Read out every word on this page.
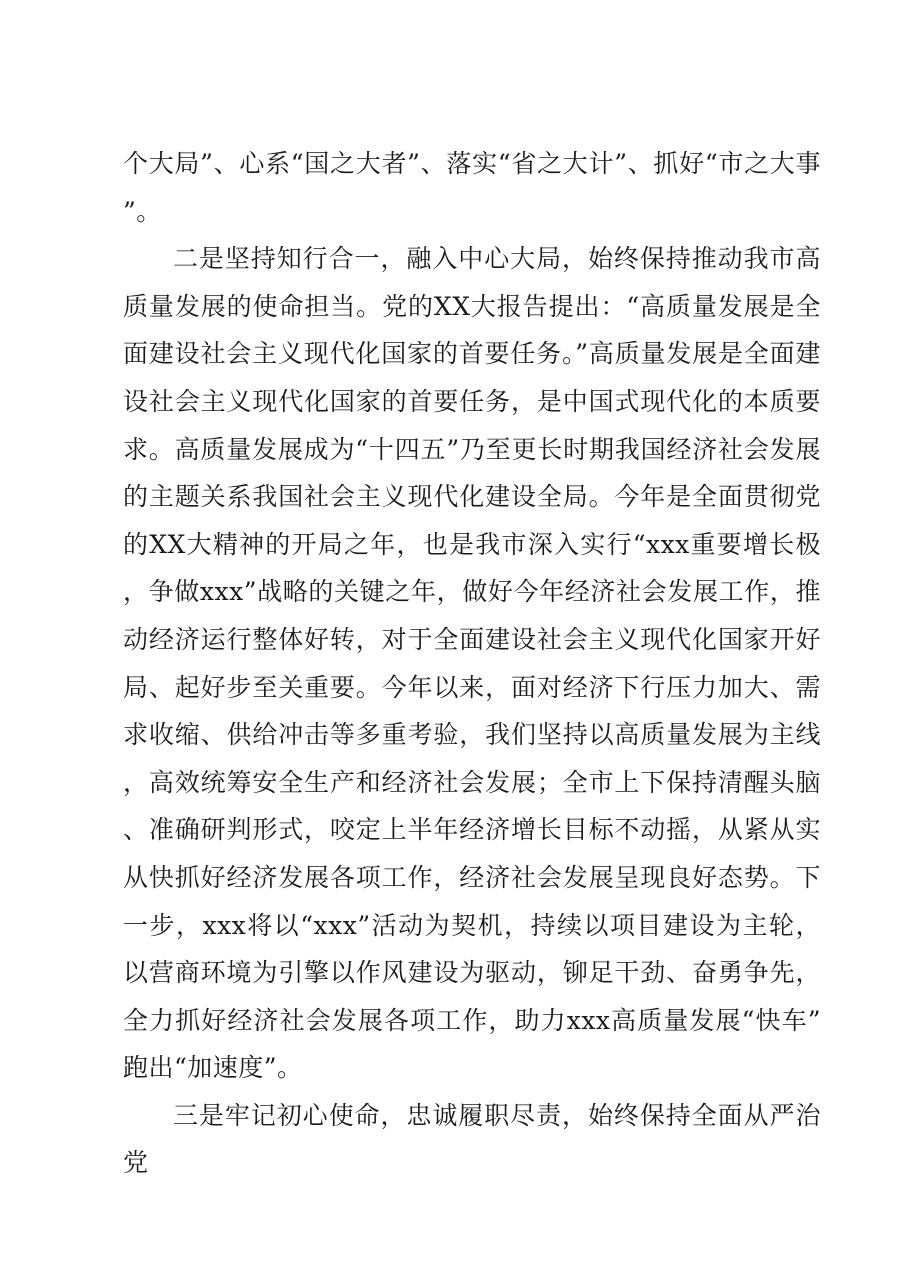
个大局”、心系“国之大者”、落实“省之大计”、抓好“市之大事”。

二是坚持知行合一，融入中心大局，始终保持推动我市高质量发展的使命担当。党的XX大报告提出：“高质量发展是全面建设社会主义现代化国家的首要任务。”高质量发展是全面建设社会主义现代化国家的首要任务，是中国式现代化的本质要求。高质量发展成为“十四五”乃至更长时期我国经济社会发展的主题关系我国社会主义现代化建设全局。今年是全面贯彻党的XX大精神的开局之年，也是我市深入实行“xxx重要增长极，争做xxx”战略的关键之年，做好今年经济社会发展工作，推动经济运行整体好转，对于全面建设社会主义现代化国家开好局、起好步至关重要。今年以来，面对经济下行压力加大、需求收缩、供给冲击等多重考验，我们坚持以高质量发展为主线，高效统筹安全生产和经济社会发展；全市上下保持清醒头脑、准确研判形式，咬定上半年经济增长目标不动摇，从紧从实从快抓好经济发展各项工作，经济社会发展呈现良好态势。下一步，xxx将以“xxx”活动为契机，持续以项目建设为主轮，以营商环境为引擎以作风建设为驱动，铆足干劲、奋勇争先，全力抓好经济社会发展各项工作，助力xxx高质量发展“快车”跑出“加速度”。

三是牢记初心使命，忠诚履职尽责，始终保持全面从严治党
